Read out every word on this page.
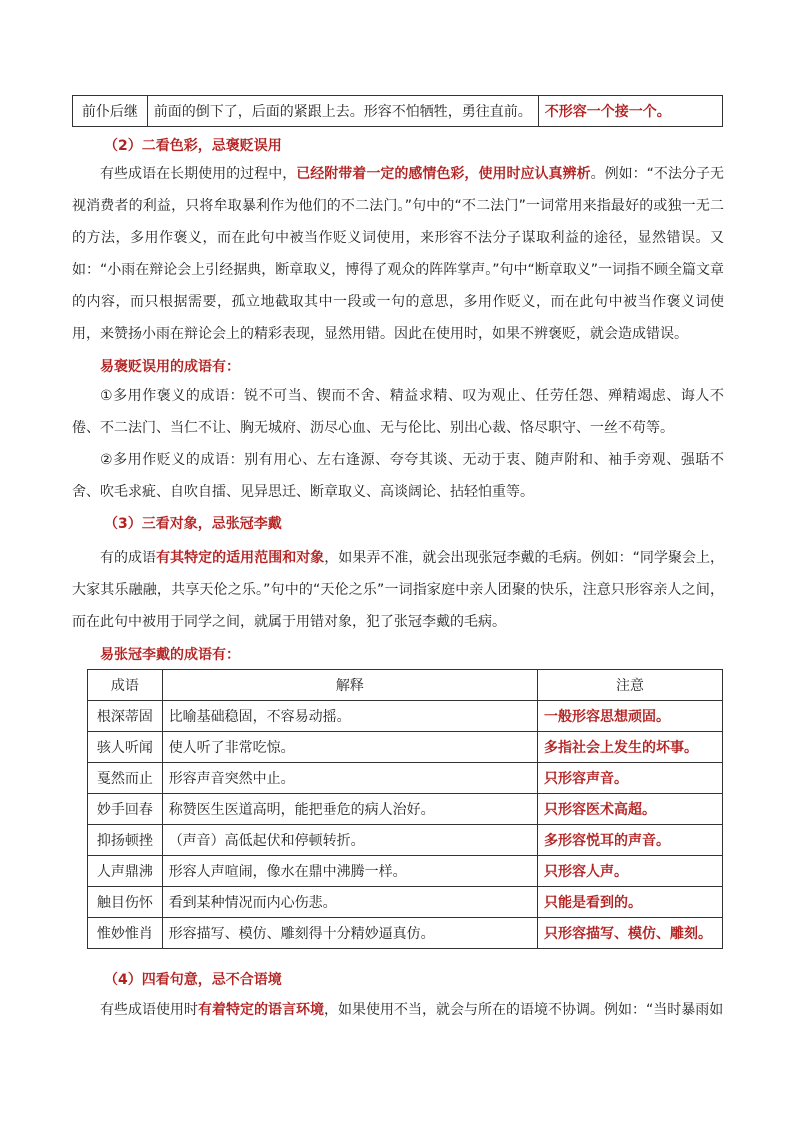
前仆后继	前面的倒下了，后面的紧跟上去。形容不怕牺牲，勇往直前。	不形容一个接一个。
（2）二看色彩，忌褒贬误用
有些成语在长期使用的过程中，已经附带着一定的感情色彩，使用时应认真辨析。例如：“不法分子无视消费者的利益，只将牟取暴利作为他们的不二法门。”句中的“不二法门”一词常用来指最好的或独一无二的方法，多用作褒义，而在此句中被当作贬义词使用，来形容不法分子谋取利益的途径，显然错误。又如：“小雨在辩论会上引经据典，断章取义，博得了观众的阵阵掌声。”句中“断章取义”一词指不顾全篇文章的内容，而只根据需要，孤立地截取其中一段或一句的意思，多用作贬义，而在此句中被当作褒义词使用，来赞扬小雨在辩论会上的精彩表现，显然用错。因此在使用时，如果不辨褒贬，就会造成错误。
易褒贬误用的成语有：
①多用作褒义的成语：锐不可当、锲而不舍、精益求精、叹为观止、任劳任怨、殚精竭虑、诲人不倦、不二法门、当仁不让、胸无城府、沥尽心血、无与伦比、别出心裁、恪尽职守、一丝不苟等。
②多用作贬义的成语：别有用心、左右逢源、夸夸其谈、无动于衷、随声附和、袖手旁观、强聒不舍、吹毛求疵、自吹自擂、见异思迁、断章取义、高谈阔论、拈轻怕重等。
（3）三看对象，忌张冠李戴
有的成语有其特定的适用范围和对象，如果弄不准，就会出现张冠李戴的毛病。例如：“同学聚会上，大家其乐融融，共享天伦之乐。”句中的“天伦之乐”一词指家庭中亲人团聚的快乐，注意只形容亲人之间，而在此句中被用于同学之间，就属于用错对象，犯了张冠李戴的毛病。
易张冠李戴的成语有：
成语	解释	注意
根深蒂固	比喻基础稳固，不容易动摇。	一般形容思想顽固。
骇人听闻	使人听了非常吃惊。	多指社会上发生的坏事。
戛然而止	形容声音突然中止。	只形容声音。
妙手回春	称赞医生医道高明，能把垂危的病人治好。	只形容医术高超。
抑扬顿挫	（声音）高低起伏和停顿转折。	多形容悦耳的声音。
人声鼎沸	形容人声喧闹，像水在鼎中沸腾一样。	只形容人声。
触目伤怀	看到某种情况而内心伤悲。	只能是看到的。
惟妙惟肖	形容描写、模仿、雕刻得十分精妙逼真仿。	只形容描写、模仿、雕刻。
（4）四看句意，忌不合语境
有些成语使用时有着特定的语言环境，如果使用不当，就会与所在的语境不协调。例如：“当时暴雨如
